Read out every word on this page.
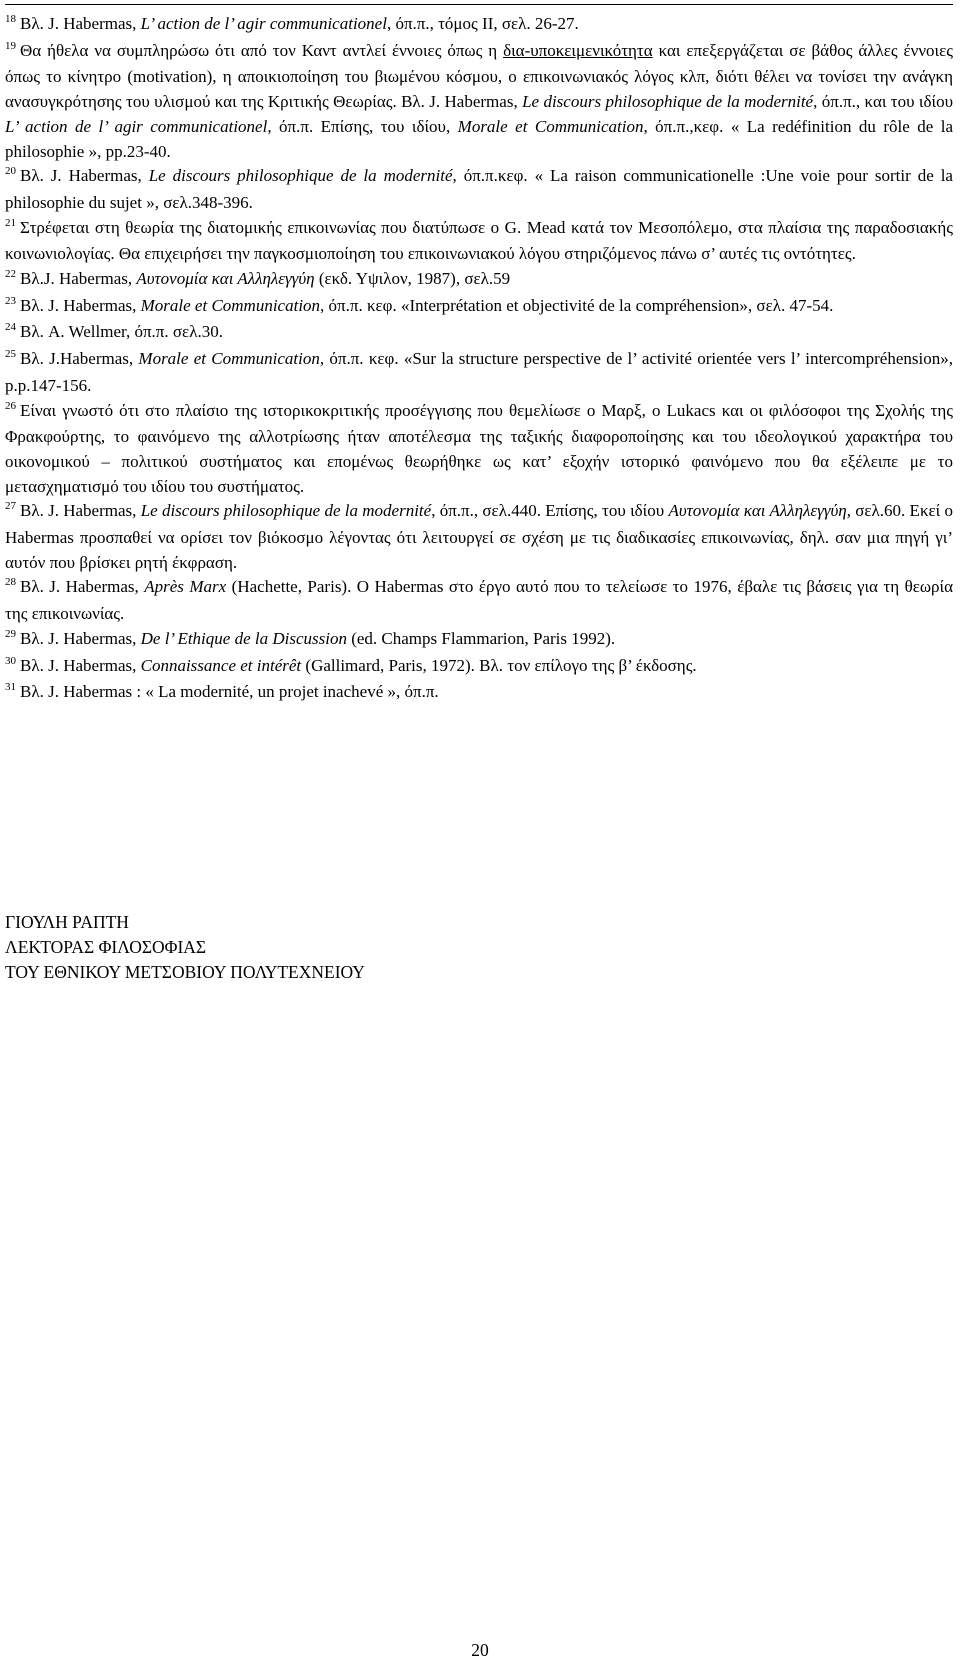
$^{18}$ Βλ. J. Habermas, L’ action de l’ agir communicationel, όπ.π., τόμος ΙΙ, σελ. 26-27.

$^{19}$ Θα ήθελα να συμπληρώσω ότι από τον Καντ αντλεί έννοιες όπως η δια-υποκειμενικότητα και επεξεργάζεται σε βάθος άλλες έννοιες όπως το κίνητρο (motivation), η αποικιοποίηση του βιωμένου κόσμου, ο επικοινωνιακός λόγος κλπ, διότι θέλει να τονίσει την ανάγκη ανασυγκρότησης του υλισμού και της Κριτικής Θεωρίας. Βλ. J. Habermas, Le discours philosophique de la modernité, όπ.π., και του ιδίου L’ action de l’ agir communicationel, όπ.π. Επίσης, του ιδίου, Morale et Communication, όπ.π.,κεφ. « La redéfinition du rôle de la philosophie », pp.23-40.

$^{20}$ Βλ. J. Habermas, Le discours philosophique de la modernité, όπ.π.κεφ. « La raison communicationelle :Une voie pour sortir de la philosophie du sujet », σελ.348-396.

$^{21}$ Στρέφεται στη θεωρία της διατομικής επικοινωνίας που διατύπωσε ο G. Mead κατά τον Μεσοπόλεμο, στα πλαίσια της παραδοσιακής κοινωνιολογίας. Θα επιχειρήσει την παγκοσμιοποίηση του επικοινωνιακού λόγου στηριζόμενος πάνω σ’ αυτές τις οντότητες.

$^{22}$ Βλ.J. Habermas, Αυτονομία και Αλληλεγγύη (εκδ. Υψιλον, 1987), σελ.59

$^{23}$ Βλ. J. Habermas, Morale et Communication, όπ.π. κεφ. «Interprétation et objectivité de la compréhension», σελ. 47-54.

$^{24}$ Βλ. A. Wellmer, όπ.π. σελ.30.

$^{25}$ Βλ. J.Habermas, Morale et Communication, όπ.π. κεφ. «Sur la structure perspective de l’ activité orientée vers l’ intercompréhension», p.p.147-156.

$^{26}$ Είναι γνωστό ότι στο πλαίσιο της ιστορικοκριτικής προσέγγισης που θεμελίωσε ο Μαρξ, ο Lukacs και οι φιλόσοφοι της Σχολής της Φρακφούρτης, το φαινόμενο της αλλοτρίωσης ήταν αποτέλεσμα της ταξικής διαφοροποίησης και του ιδεολογικού χαρακτήρα του οικονομικού – πολιτικού συστήματος και επομένως θεωρήθηκε ως κατ’ εξοχήν ιστορικό φαινόμενο που θα εξέλειπε με το μετασχηματισμό του ιδίου του συστήματος.

$^{27}$ Βλ. J. Habermas, Le discours philosophique de la modernité, όπ.π., σελ.440. Επίσης, του ιδίου Αυτονομία και Αλληλεγγύη, σελ.60. Εκεί ο Habermas προσπαθεί να ορίσει τον βιόκοσμο λέγοντας ότι λειτουργεί σε σχέση με τις διαδικασίες επικοινωνίας, δηλ. σαν μια πηγή γι’ αυτόν που βρίσκει ρητή έκφραση.

$^{28}$ Βλ. J. Habermas, Après Marx (Hachette, Paris). Ο Habermas στο έργο αυτό που το τελείωσε το 1976, έβαλε τις βάσεις για τη θεωρία της επικοινωνίας.

$^{29}$ Βλ. J. Habermas, De l’ Ethique de la Discussion (ed. Champs Flammarion, Paris 1992).

$^{30}$ Βλ. J. Habermas, Connaissance et intérêt (Gallimard, Paris, 1972). Βλ. τον επίλογο της β’ έκδοσης.

$^{31}$ Βλ. J. Habermas : « La modernité, un projet inachevé », όπ.π.

ΓΙΟΥΛΗ ΡΑΠΤΗ
ΛΕΚΤΟΡΑΣ ΦΙΛΟΣΟΦΙΑΣ
ΤΟΥ ΕΘΝΙΚΟΥ ΜΕΤΣΟΒΙΟΥ ΠΟΛΥΤΕΧΝΕΙΟΥ
20
